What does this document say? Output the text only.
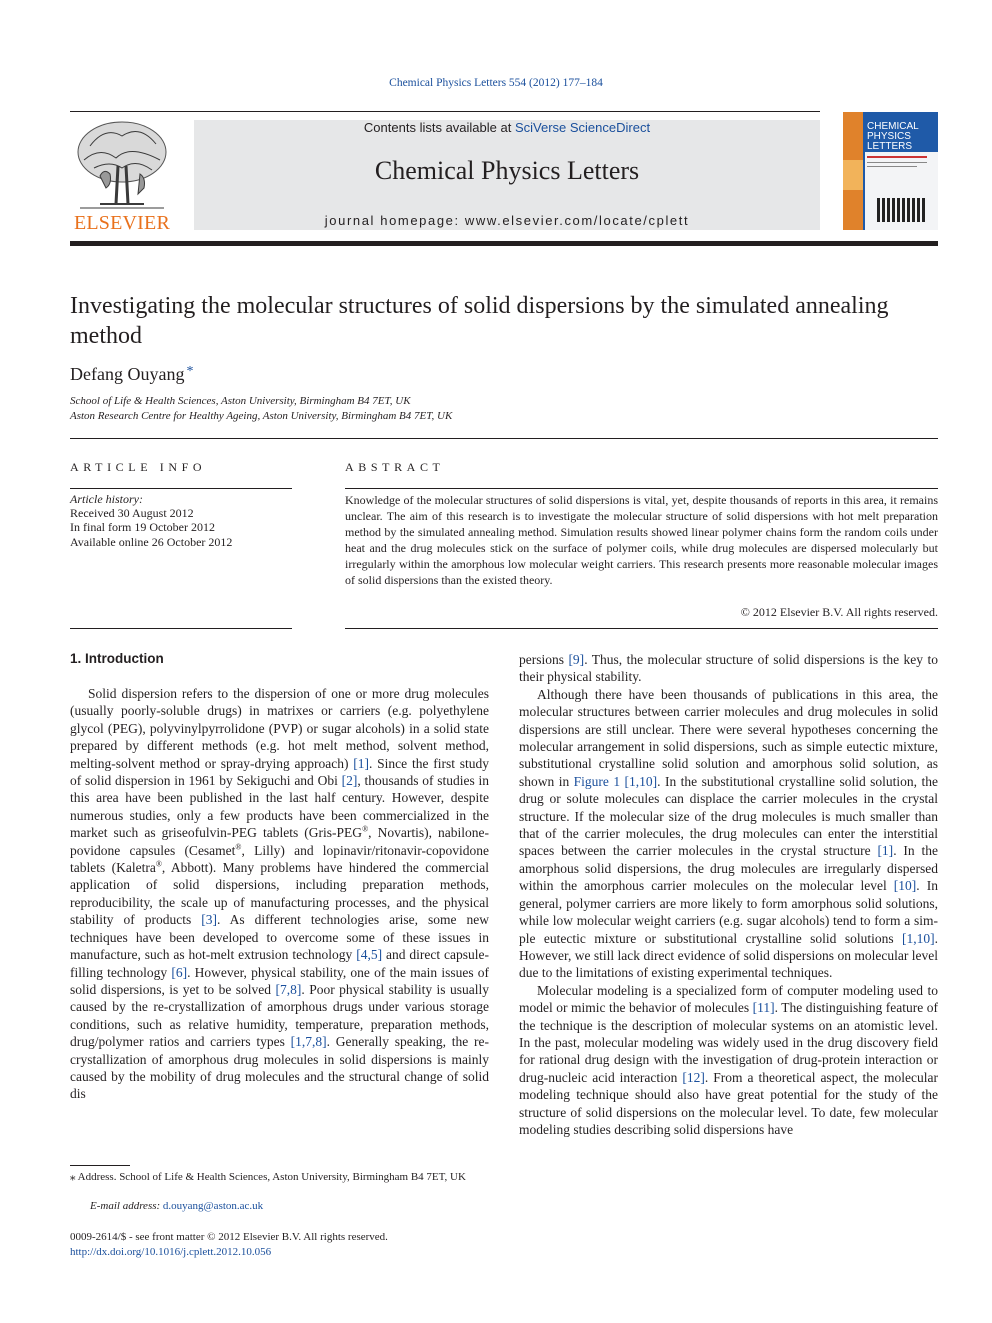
Chemical Physics Letters 554 (2012) 177–184
ELSEVIER
Contents lists available at SciVerse ScienceDirect
Chemical Physics Letters
journal homepage: www.elsevier.com/locate/cplett
CHEMICAL
PHYSICS
LETTERS
Investigating the molecular structures of solid dispersions by the simulated annealing method
Defang Ouyang *
School of Life & Health Sciences, Aston University, Birmingham B4 7ET, UK
Aston Research Centre for Healthy Ageing, Aston University, Birmingham B4 7ET, UK
ARTICLE INFO
Article history:
Received 30 August 2012
In final form 19 October 2012
Available online 26 October 2012
ABSTRACT
Knowledge of the molecular structures of solid dispersions is vital, yet, despite thousands of reports in this area, it remains unclear. The aim of this research is to investigate the molecular structure of solid dispersions with hot melt preparation method by the simulated annealing method. Simulation results showed linear polymer chains form the random coils under heat and the drug molecules stick on the surface of polymer coils, while drug molecules are dispersed molecularly but irregularly within the amorphous low molecular weight carriers. This research presents more reasonable molecular images of solid dispersions than the existed theory.
© 2012 Elsevier B.V. All rights reserved.
1. Introduction

Solid dispersion refers to the dispersion of one or more drug molecules (usually poorly-soluble drugs) in matrixes or carriers (e.g. polyethylene glycol (PEG), polyvinylpyrrolidone (PVP) or sugar alcohols) in a solid state prepared by different methods (e.g. hot melt method, solvent method, melting-solvent method or spray-drying approach) [1]. Since the first study of solid dispersion in 1961 by Sekiguchi and Obi [2], thousands of studies in this area have been published in the last half century. However, despite numerous studies, only a few products have been commercialized in the market such as griseofulvin-PEG tablets (Gris-PEG®, Novartis), nabilone-povidone capsules (Cesamet®, Lilly) and lopinavir/ritonavir-copovidone tablets (Kaletra®, Abbott). Many problems have hindered the commercial application of solid dispersions, including preparation methods, reproducibility, the scale up of manufacturing processes, and the physical stability of products [3]. As different technologies arise, some new techniques have been developed to overcome some of these issues in manufacture, such as hot-melt extrusion technology [4,5] and direct capsule-filling technology [6]. However, physical stability, one of the main issues of solid dispersions, is yet to be solved [7,8]. Poor physical stability is usually caused by the re-crystallization of amorphous drugs under various storage conditions, such as relative humidity, temperature, preparation methods, drug/polymer ratios and carriers types [1,7,8]. Generally speaking, the re-crystallization of amorphous drug molecules in solid dispersions is mainly caused by the mobility of drug molecules and the structural change of solid dis

persions [9]. Thus, the molecular structure of solid dispersions is the key to their physical stability.

Although there have been thousands of publications in this area, the molecular structures between carrier molecules and drug molecules in solid dispersions are still unclear. There were several hypotheses concerning the molecular arrangement in solid dispersions, such as simple eutectic mixture, substitutional crystalline solid solution and amorphous solid solution, as shown in Figure 1 [1,10]. In the substitutional crystalline solid solution, the drug or solute molecules can displace the carrier molecules in the crystal structure. If the molecular size of the drug molecules is much smaller than that of the carrier molecules, the drug molecules can enter the interstitial spaces between the carrier molecules in the crystal structure [1]. In the amorphous solid dispersions, the drug molecules are irregularly dispersed within the amorphous carrier molecules on the molecular level [10]. In general, polymer carriers are more likely to form amorphous solid solutions, while low molecular weight carriers (e.g. sugar alcohols) tend to form a simple eutectic mixture or substitutional crystalline solid solutions [1,10]. However, we still lack direct evidence of solid dispersions on molecular level due to the limitations of existing experimental techniques.

Molecular modeling is a specialized form of computer modeling used to model or mimic the behavior of molecules [11]. The distinguishing feature of the technique is the description of molecular systems on an atomistic level. In the past, molecular modeling was widely used in the drug discovery field for rational drug design with the investigation of drug-protein interaction or drug-nucleic acid interaction [12]. From a theoretical aspect, the molecular modeling technique should also have great potential for the study of the structure of solid dispersions on the molecular level. To date, few molecular modeling studies describing solid dispersions have

⁎ Address. School of Life & Health Sciences, Aston University, Birmingham B4 7ET, UK
E-mail address: d.ouyang@aston.ac.uk
0009-2614/$ - see front matter © 2012 Elsevier B.V. All rights reserved.
http://dx.doi.org/10.1016/j.cplett.2012.10.056
